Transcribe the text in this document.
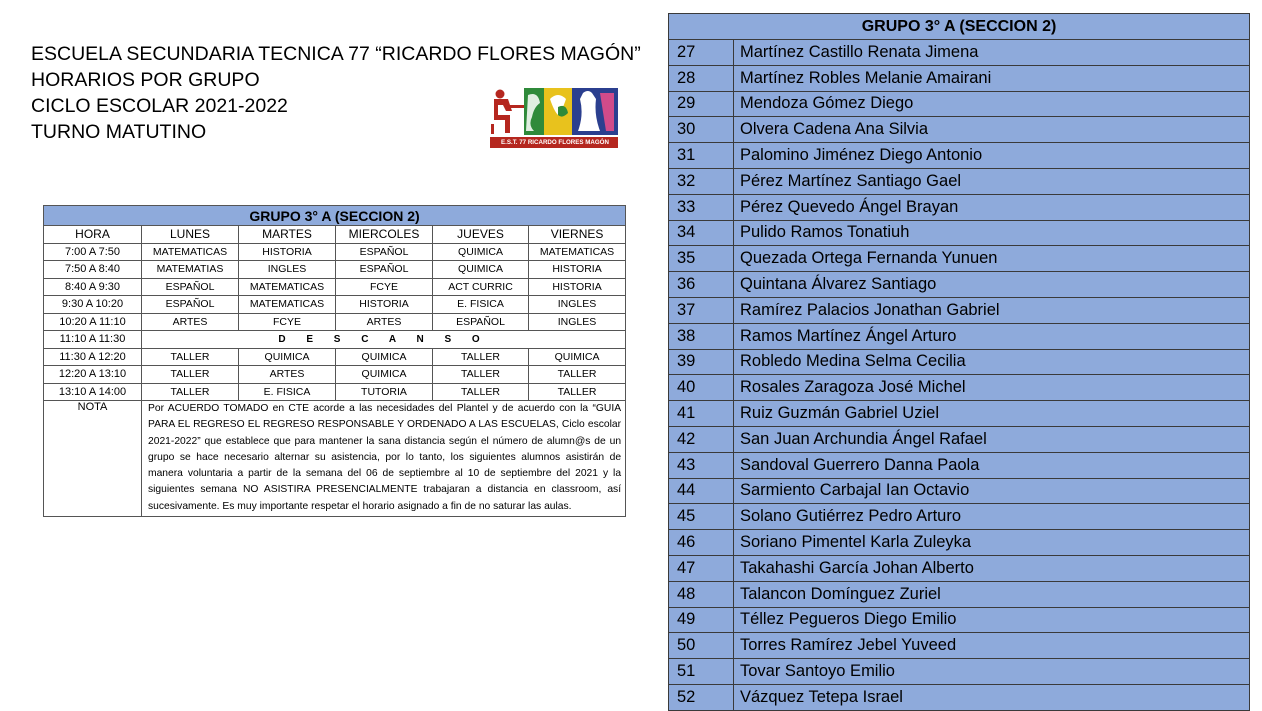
ESCUELA SECUNDARIA TECNICA 77 “RICARDO FLORES MAGÓN”
HORARIOS POR GRUPO
CICLO ESCOLAR 2021-2022
TURNO MATUTINO	E.S.T. 77 RICARDO FLORES MAGÓN
GRUPO 3° A (SECCION 2)					
HORA	LUNES	MARTES	MIERCOLES	JUEVES	VIERNES
7:00 A 7:50	MATEMATICAS	HISTORIA	ESPAÑOL	QUIMICA	MATEMATICAS
7:50 A 8:40	MATEMATIAS	INGLES	ESPAÑOL	QUIMICA	HISTORIA
8:40 A 9:30	ESPAÑOL	MATEMATICAS	FCYE	ACT CURRIC	HISTORIA
9:30 A 10:20	ESPAÑOL	MATEMATICAS	HISTORIA	E. FISICA	INGLES
10:20 A 11:10	ARTES	FCYE	ARTES	ESPAÑOL	INGLES
11:10 A 11:30	D E S C A N S O				
11:30 A 12:20	TALLER	QUIMICA	QUIMICA	TALLER	QUIMICA
12:20 A 13:10	TALLER	ARTES	QUIMICA	TALLER	TALLER
13:10 A 14:00	TALLER	E. FISICA	TUTORIA	TALLER	TALLER
NOTA	Por ACUERDO TOMADO en CTE acorde a las necesidades del Plantel y de acuerdo con la “GUIA PARA EL REGRESO EL REGRESO RESPONSABLE Y ORDENADO A LAS ESCUELAS, Ciclo escolar 2021-2022” que establece que para mantener la sana distancia según el número de alumn@s de un grupo se hace necesario alternar su asistencia, por lo tanto, los siguientes alumnos asistirán de manera voluntaria a partir de la semana del 06 de septiembre al 10 de septiembre del 2021 y la siguientes semana NO ASISTIRA PRESENCIALMENTE trabajaran a distancia en classroom, así sucesivamente. Es muy importante respetar el horario asignado a fin de no saturar las aulas.				
GRUPO 3° A (SECCION 2)	
27	Martínez Castillo Renata Jimena
28	Martínez Robles Melanie Amairani
29	Mendoza Gómez Diego
30	Olvera Cadena Ana Silvia
31	Palomino Jiménez Diego Antonio
32	Pérez Martínez Santiago Gael
33	Pérez Quevedo Ángel Brayan
34	Pulido Ramos Tonatiuh
35	Quezada Ortega Fernanda Yunuen
36	Quintana Álvarez Santiago
37	Ramírez Palacios Jonathan Gabriel
38	Ramos Martínez Ángel Arturo
39	Robledo Medina Selma Cecilia
40	Rosales Zaragoza José Michel
41	Ruiz Guzmán Gabriel Uziel
42	San Juan Archundia Ángel Rafael
43	Sandoval Guerrero Danna Paola
44	Sarmiento Carbajal Ian Octavio
45	Solano Gutiérrez Pedro Arturo
46	Soriano Pimentel Karla Zuleyka
47	Takahashi García Johan Alberto
48	Talancon Domínguez Zuriel
49	Téllez Pegueros Diego Emilio
50	Torres Ramírez Jebel Yuveed
51	Tovar Santoyo Emilio
52	Vázquez Tetepa Israel
